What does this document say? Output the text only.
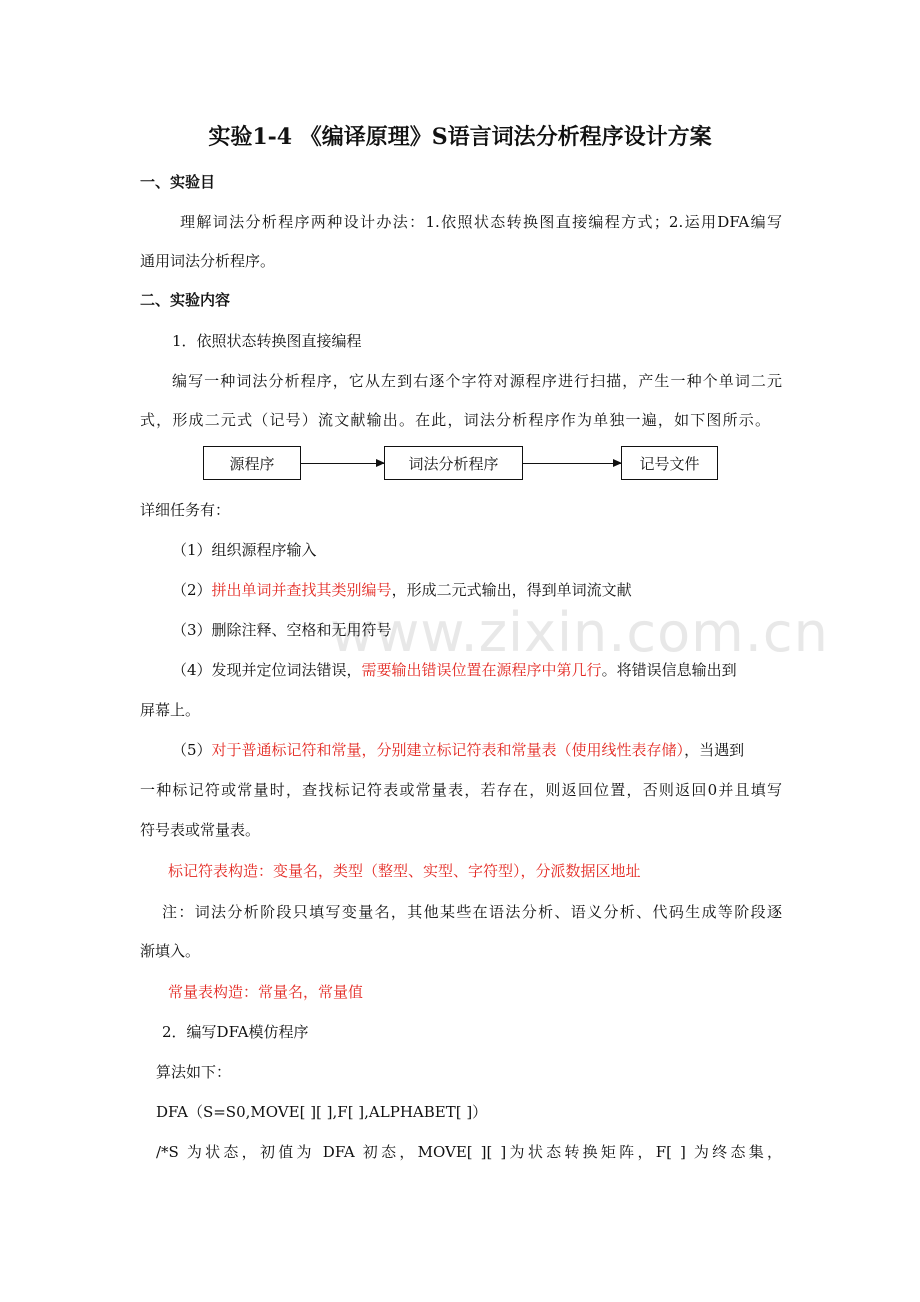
www.zixin.com.cn
实验1-4 《编译原理》S语言词法分析程序设计方案
一、实验目
理解词法分析程序两种设计办法：1.依照状态转换图直接编程方式；2.运用DFA编写
通用词法分析程序。
二、实验内容
1．依照状态转换图直接编程
编写一种词法分析程序，它从左到右逐个字符对源程序进行扫描，产生一种个单词二元
式，形成二元式（记号）流文献输出。在此，词法分析程序作为单独一遍，如下图所示。
源程序	词法分析程序	记号文件
详细任务有：
（1）组织源程序输入
（2）拼出单词并查找其类别编号，形成二元式输出，得到单词流文献
（3）删除注释、空格和无用符号
（4）发现并定位词法错误，需要输出错误位置在源程序中第几行。将错误信息输出到
屏幕上。
（5）对于普通标记符和常量，分别建立标记符表和常量表（使用线性表存储），当遇到
一种标记符或常量时，查找标记符表或常量表，若存在，则返回位置，否则返回0并且填写
符号表或常量表。
标记符表构造：变量名，类型（整型、实型、字符型），分派数据区地址
注：词法分析阶段只填写变量名，其他某些在语法分析、语义分析、代码生成等阶段逐
渐填入。
常量表构造：常量名，常量值
2．编写DFA模仿程序
算法如下：
DFA（S=S0,MOVE[ ][ ],F[ ],ALPHABET[ ]）
/*S 为状态，初值为 DFA 初态，MOVE[ ][ ]为状态转换矩阵，F[ ] 为终态集，
